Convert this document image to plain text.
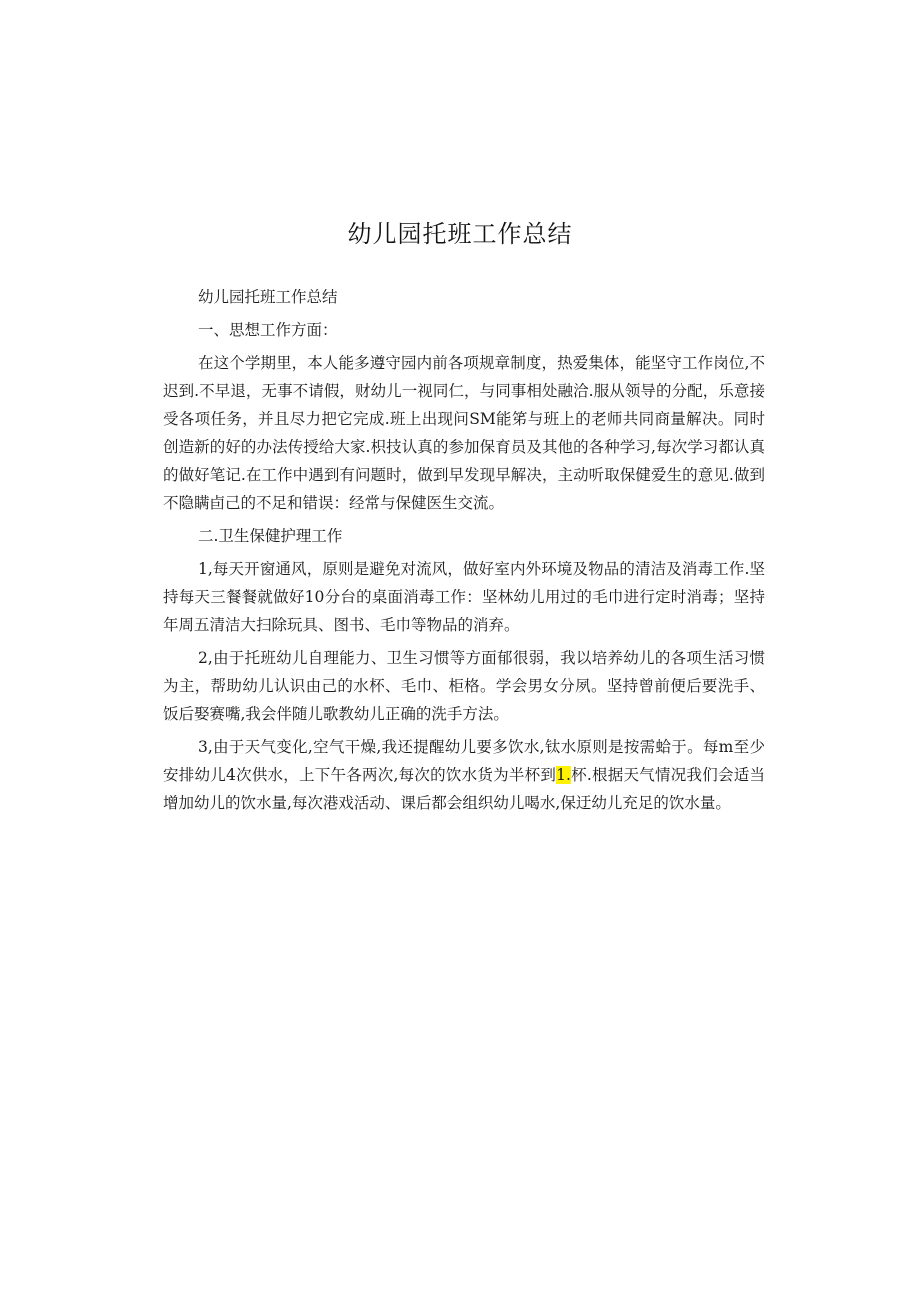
幼儿园托班工作总结

幼儿园托班工作总结

一、思想工作方面：

在这个学期里，本人能多遵守园内前各项规章制度，热爱集体，能坚守工作岗位,不迟到.不早退，无事不请假，财幼儿一视同仁，与同事相处融洽.服从领导的分配，乐意接受各项任务，并且尽力把它完成.班上出现问SM能笫与班上的老师共同商量解决。同时创造新的好的办法传授给大家.枳技认真的参加保育员及其他的各种学习,每次学习都认真的做好笔记.在工作中遇到有问题时，做到早发现早解决，主动听取保健爱生的意见.做到不隐瞒卣己的不足和错误：经常与保健医生交流。

二.卫生保健护理工作

1,每天开窗通风，原则是避免对流风，做好室内外环境及物品的清洁及消毒工作.坚持每天三餐餐就做好10分台的桌面消毒工作：坚林幼儿用过的毛巾进行定时消毒；坚持年周五清洁大扫除玩具、图书、毛巾等物品的消弃。

2,由于托班幼儿自理能力、卫生习惯等方面郁很弱，我以培养幼儿的各项生活习惯为主，帮助幼儿认识由己的水杯、毛巾、柜格。学会男女分夙。坚持曾前便后要洗手、饭后娶赛嘴,我会伴随儿歌教幼儿正确的洗手方法。

3,由于天气变化,空气干燥,我还提醒幼儿要多饮水,钛水原则是按需蛤于。每m至少安排幼儿4次供水，上下午各两次,每次的饮水货为半杯到1.杯.根据天气情况我们会适当增加幼儿的饮水量,每次港戏活动、课后都会组织幼儿喝水,保迂幼儿充足的饮水量。
